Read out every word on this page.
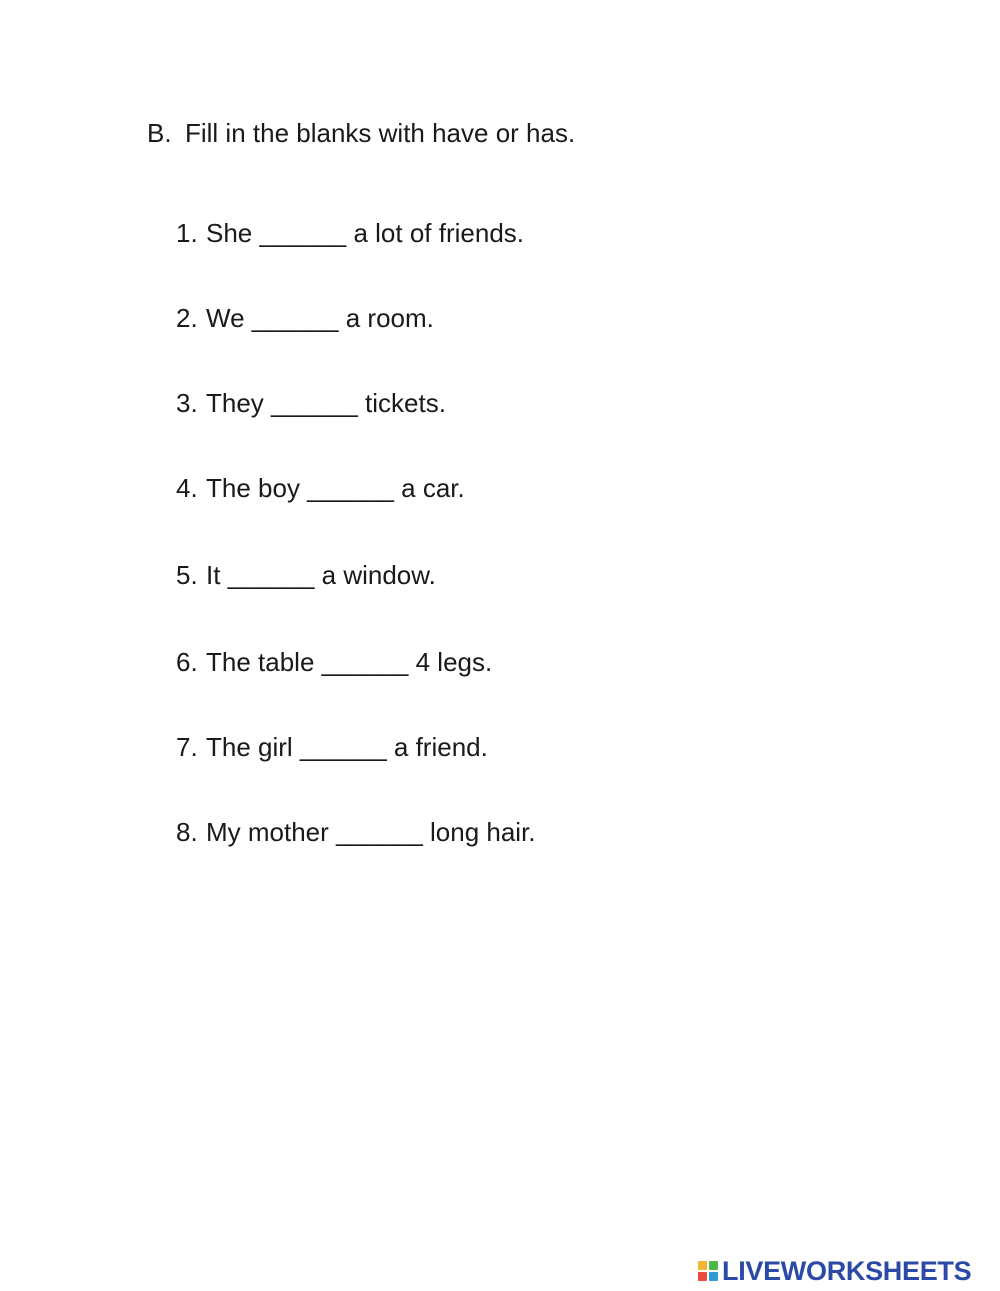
B. Fill in the blanks with have or has.
1. She ______ a lot of friends.
2. We ______ a room.
3. They ______ tickets.
4. The boy ______ a car.
5. It ______ a window.
6. The table ______ 4 legs.
7. The girl ______ a friend.
8. My mother ______ long hair.
LIVEWORKSHEETS
